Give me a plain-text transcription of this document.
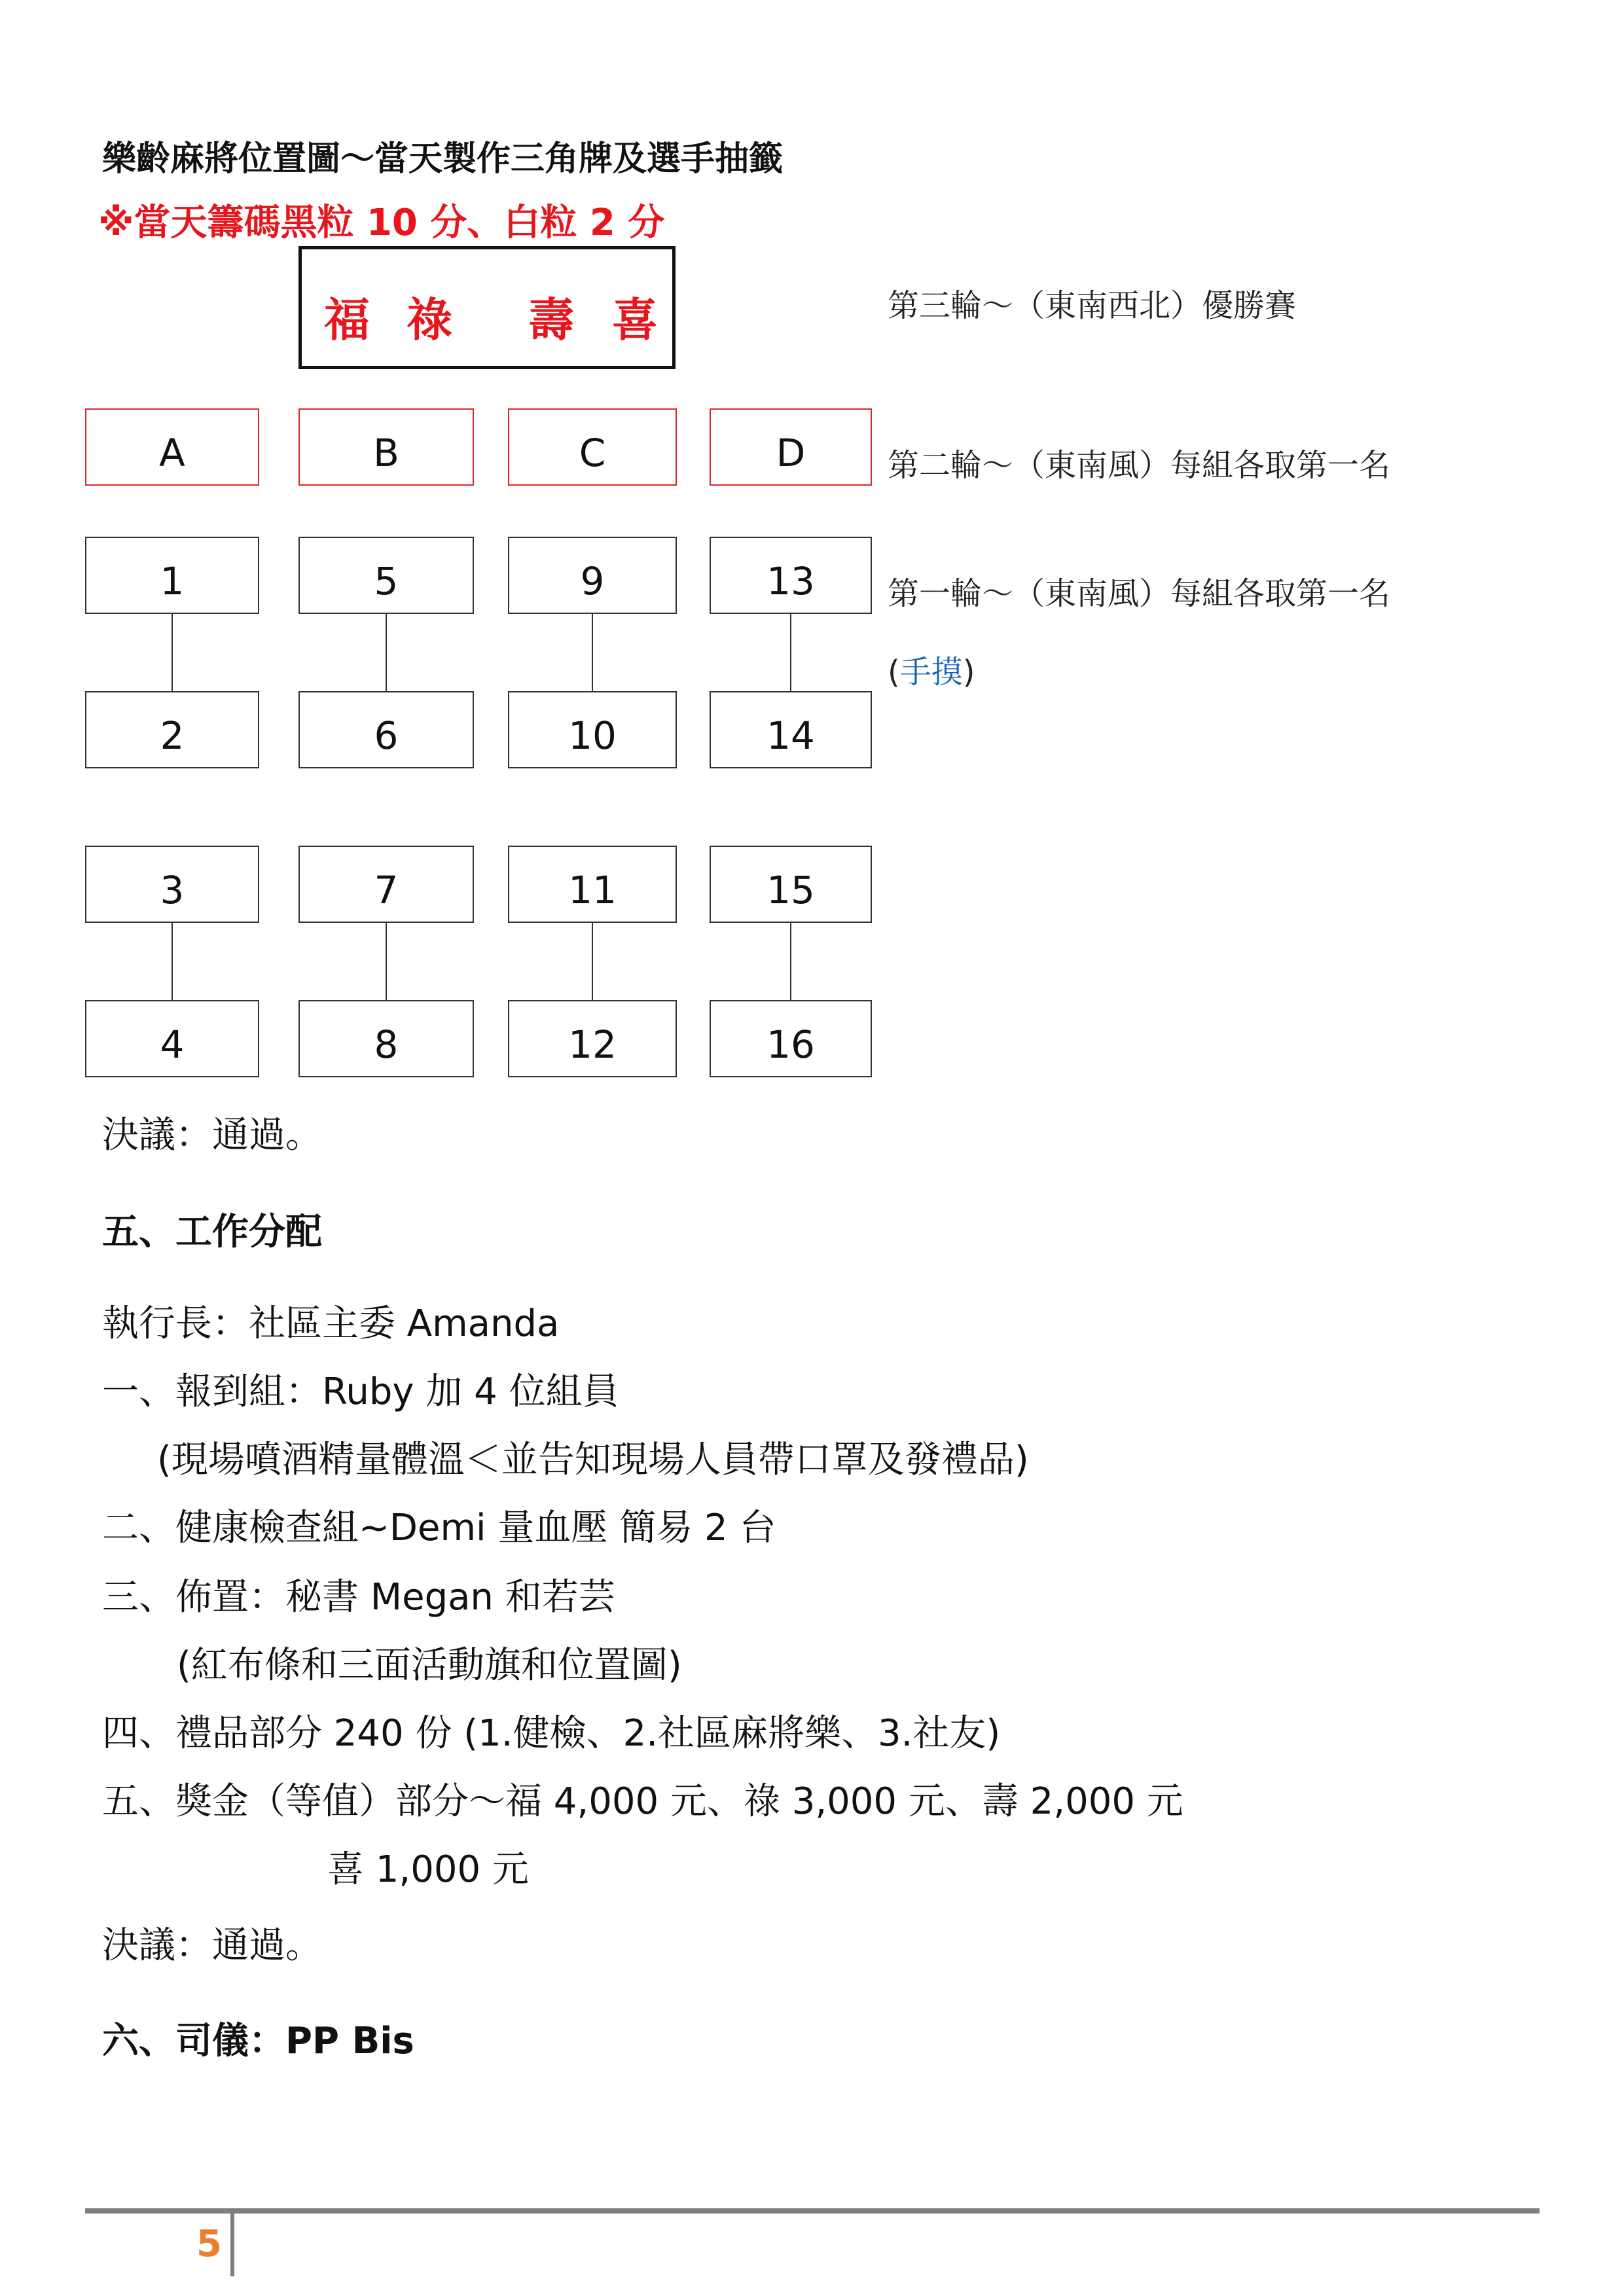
樂齡麻將位置圖～當天製作三角牌及選手抽籤
※當天籌碼黑粒 10 分、白粒 2 分
福 祿 壽 喜	第三輪～（東南西北）優勝賽
A	B	C	D	第二輪～（東南風）每組各取第一名
1	5	9	13	第一輪～（東南風）每組各取第一名
(手摸)
2	6	10	14
3	7	11	15
4	8	12	16
決議：通過。
五、工作分配
執行長：社區主委 Amanda
一、報到組：Ruby 加 4 位組員
(現場噴酒精量體溫＜並告知現場人員帶口罩及發禮品)
二、健康檢查組~Demi 量血壓 簡易 2 台
三、佈置：秘書 Megan 和若芸
(紅布條和三面活動旗和位置圖)
四、禮品部分 240 份 (1.健檢、2.社區麻將樂、3.社友)
五、獎金（等值）部分～福 4,000 元、祿 3,000 元、壽 2,000 元
喜 1,000 元
決議：通過。
六、司儀：PP Bis
5
